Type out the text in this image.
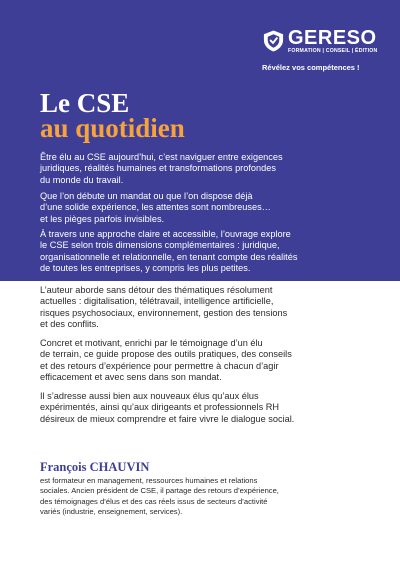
GERESO
FORMATION | CONSEIL | ÉDITION
Révélez vos compétences !
Le CSE
au quotidien
Être élu au CSE aujourd’hui, c’est naviguer entre exigences
juridiques, réalités humaines et transformations profondes
du monde du travail.
Que l’on débute un mandat ou que l’on dispose déjà
d’une solide expérience, les attentes sont nombreuses…
et les pièges parfois invisibles.
À travers une approche claire et accessible, l’ouvrage explore
le CSE selon trois dimensions complémentaires : juridique,
organisationnelle et relationnelle, en tenant compte des réalités
de toutes les entreprises, y compris les plus petites.
L’auteur aborde sans détour des thématiques résolument
actuelles : digitalisation, télétravail, intelligence artificielle,
risques psychosociaux, environnement, gestion des tensions
et des conflits.
Concret et motivant, enrichi par le témoignage d’un élu
de terrain, ce guide propose des outils pratiques, des conseils
et des retours d’expérience pour permettre à chacun d’agir
efficacement et avec sens dans son mandat.
Il s’adresse aussi bien aux nouveaux élus qu’aux élus
expérimentés, ainsi qu’aux dirigeants et professionnels RH
désireux de mieux comprendre et faire vivre le dialogue social.
François CHAUVIN
est formateur en management, ressources humaines et relations
sociales. Ancien président de CSE, il partage des retours d’expérience,
des témoignages d’élus et des cas réels issus de secteurs d’activité
variés (industrie, enseignement, services).
